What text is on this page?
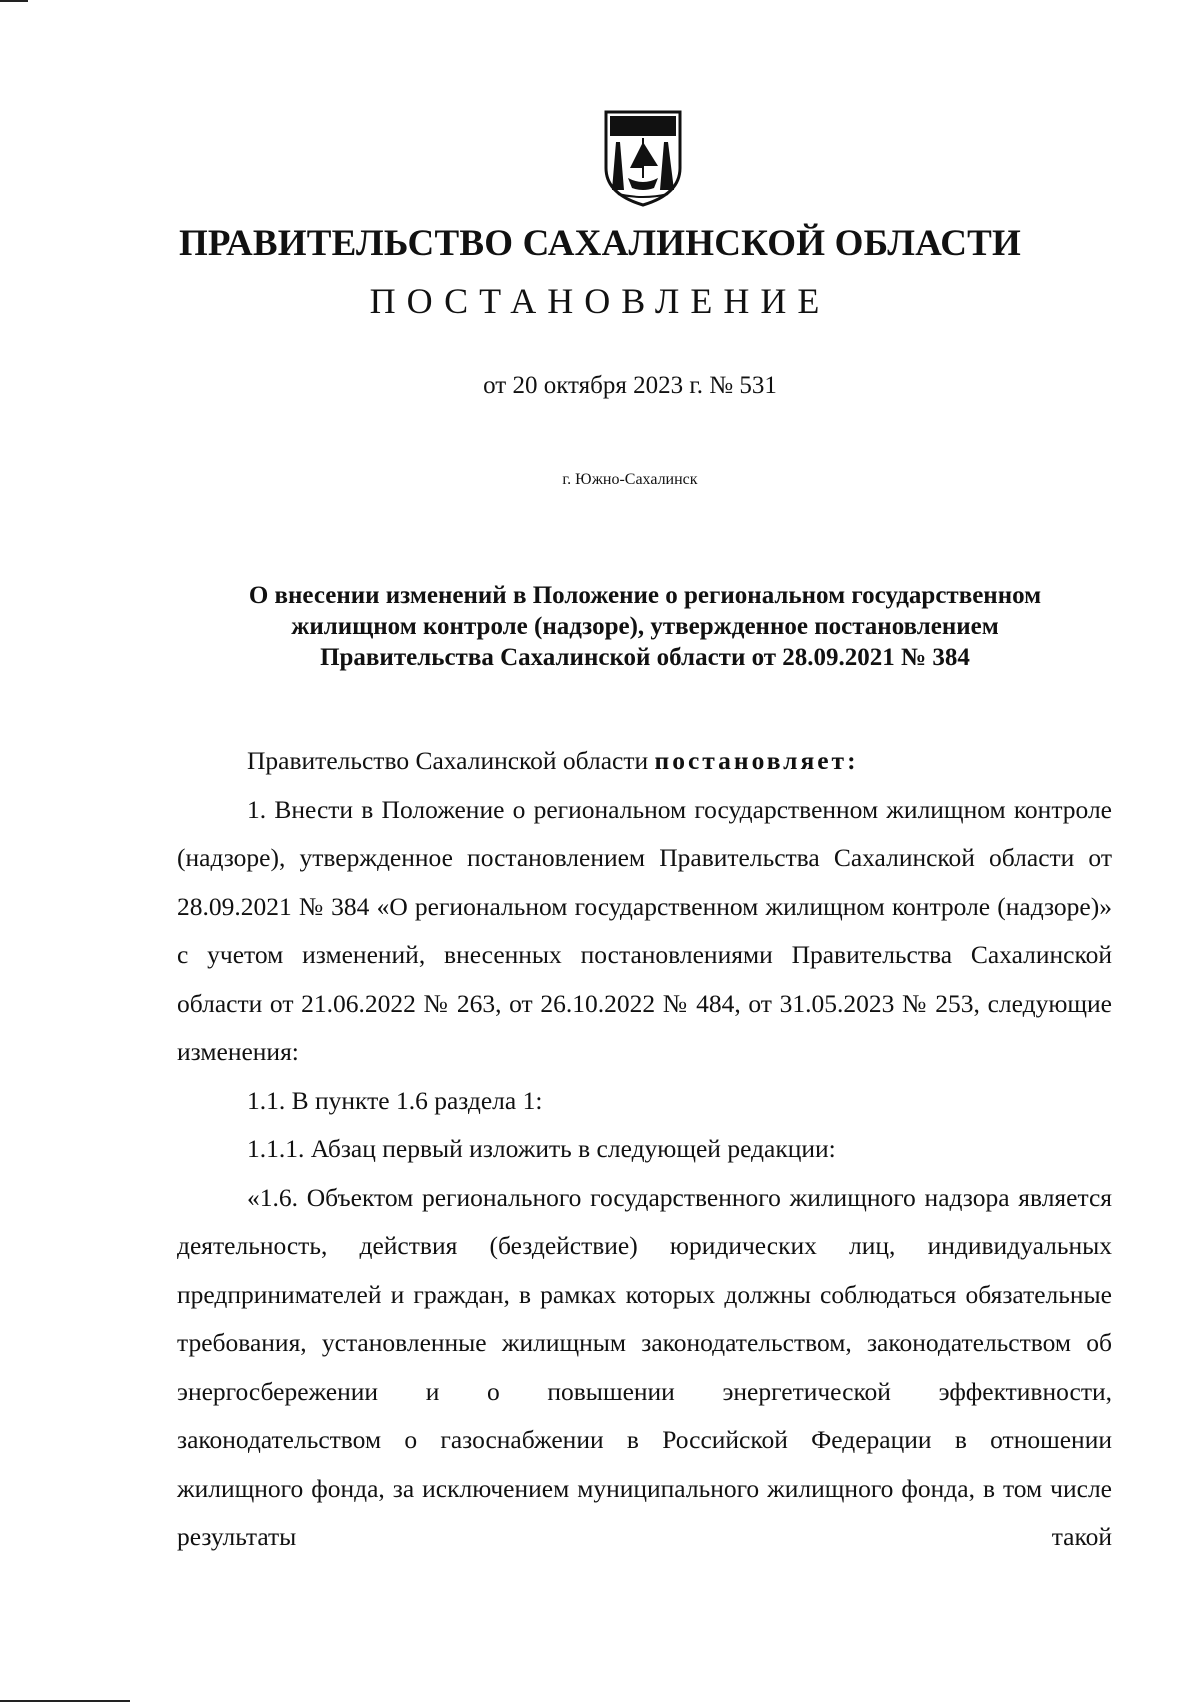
ПРАВИТЕЛЬСТВО САХАЛИНСКОЙ ОБЛАСТИ
ПОСТАНОВЛЕНИЕ
от 20 октября 2023 г. № 531
г. Южно-Сахалинск
О внесении изменений в Положение о региональном государственном
жилищном контроле (надзоре), утвержденное постановлением
Правительства Сахалинской области от 28.09.2021 № 384

Правительство Сахалинской области постановляет:

1. Внести в Положение о региональном государственном жилищном контроле (надзоре), утвержденное постановлением Правительства Сахалинской области от 28.09.2021 № 384 «О региональном государственном жилищном контроле (надзоре)» с учетом изменений, внесенных постановлениями Правительства Сахалинской области от 21.06.2022 № 263, от 26.10.2022 № 484, от 31.05.2023 № 253, следующие изменения:

1.1. В пункте 1.6 раздела 1:

1.1.1. Абзац первый изложить в следующей редакции:

«1.6. Объектом регионального государственного жилищного надзора является деятельность, действия (бездействие) юридических лиц, индивидуальных предпринимателей и граждан, в рамках которых должны соблюдаться обязательные требования, установленные жилищным законодательством, законодательством об энергосбережении и о повышении энергетической эффективности, законодательством о газоснабжении в Российской Федерации в отношении жилищного фонда, за исключением муниципального жилищного фонда, в том числе результаты такой
